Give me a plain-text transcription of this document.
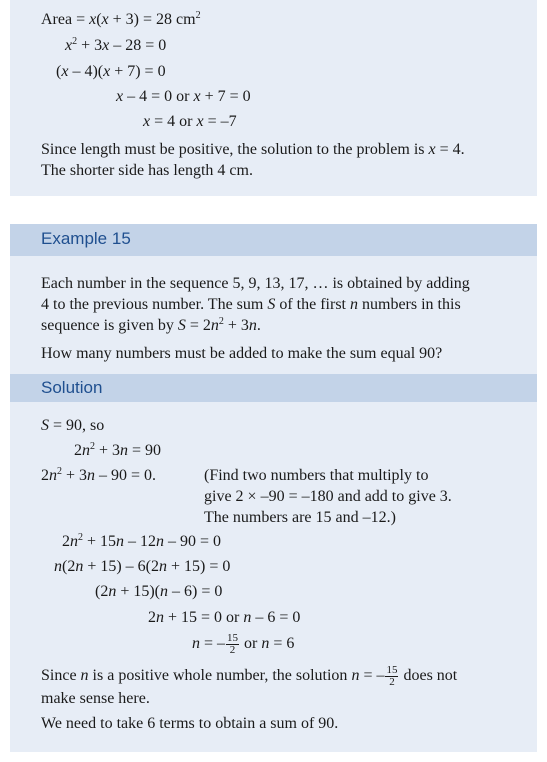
Area = x(x + 3) = 28 $cm^2$
$x^2 + 3x - 28 = 0$
(x – 4)(x + 7) = 0
x – 4 = 0 or x + 7 = 0
x = 4 or x = –7
Since length must be positive, the solution to the problem is x = 4.
The shorter side has length 4 cm.
Example 15
Each number in the sequence 5, 9, 13, 17, … is obtained by adding
4 to the previous number. The sum S of the first n numbers in this
sequence is given by $S = 2n^2 + 3n$.
How many numbers must be added to make the sum equal 90?
Solution
S = 90, so
$2n^2 + 3n = 90$
$2n^2 + 3n - 90 = 0$.	(Find two numbers that multiply to
give 2 × –90 = –180 and add to give 3.
The numbers are 15 and –12.)
$2n^2 + 15n - 12n - 90 = 0$
n(2n + 15) – 6(2n + 15) = 0
(2n + 15)(n – 6) = 0
2n + 15 = 0 or n – 6 = 0
n = – $\frac{15}{2}$ or n = 6
Since n is a positive whole number, the solution n = – $\frac{15}{2}$ does not
make sense here.
We need to take 6 terms to obtain a sum of 90.
